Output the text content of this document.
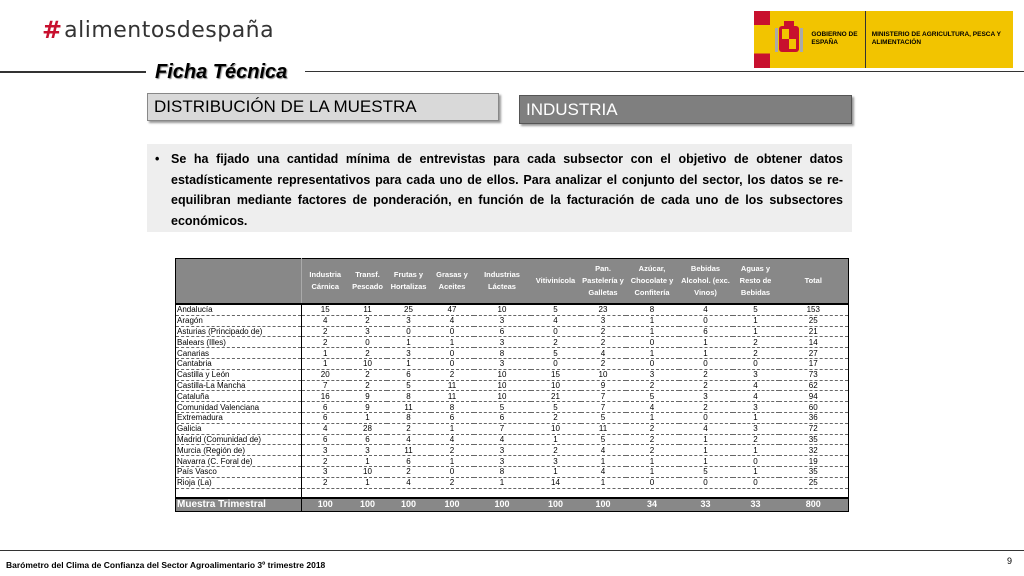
# alimentosdespaña	GOBIERNO DE ESPAÑA
MINISTERIO DE AGRICULTURA, PESCA Y ALIMENTACIÓN
Ficha Técnica
DISTRIBUCIÓN DE LA MUESTRA	INDUSTRIA
• Se ha fijado una cantidad mínima de entrevistas para cada subsector con el objetivo de obtener datos estadísticamente representativos para cada uno de ellos. Para analizar el conjunto del sector, los datos se re-equilibran mediante factores de ponderación, en función de la facturación de cada uno de los subsectores económicos.
	Industria Cárnica	Transf. Pescado	Frutas y Hortalizas	Grasas y Aceites	Industrias Lácteas	Vitivinícola	Pan. Pastelería y Galletas	Azúcar, Chocolate y Confitería	Bebidas Alcohol. (exc. Vinos)	Aguas y Resto de Bebidas	Total
Andalucía	15	11	25	47	10	5	23	8	4	5	153
Aragón	4	2	3	4	3	4	3	1	0	1	25
Asturias (Principado de)	2	3	0	0	6	0	2	1	6	1	21
Balears (Illes)	2	0	1	1	3	2	2	0	1	2	14
Canarias	1	2	3	0	8	5	4	1	1	2	27
Cantabria	1	10	1	0	3	0	2	0	0	0	17
Castilla y León	20	2	6	2	10	15	10	3	2	3	73
Castilla-La Mancha	7	2	5	11	10	10	9	2	2	4	62
Cataluña	16	9	8	11	10	21	7	5	3	4	94
Comunidad Valenciana	6	9	11	8	5	5	7	4	2	3	60
Extremadura	6	1	8	6	6	2	5	1	0	1	36
Galicia	4	28	2	1	7	10	11	2	4	3	72
Madrid (Comunidad de)	6	6	4	4	4	1	5	2	1	2	35
Murcia (Región de)	3	3	11	2	3	2	4	2	1	1	32
Navarra (C. Foral de)	2	1	6	1	3	3	1	1	1	0	19
País Vasco	3	10	2	0	8	1	4	1	5	1	35
Rioja (La)	2	1	4	2	1	14	1	0	0	0	25

Muestra Trimestral	100	100	100	100	100	100	100	34	33	33	800
Barómetro del Clima de Confianza del Sector Agroalimentario 3º trimestre 2018	9
